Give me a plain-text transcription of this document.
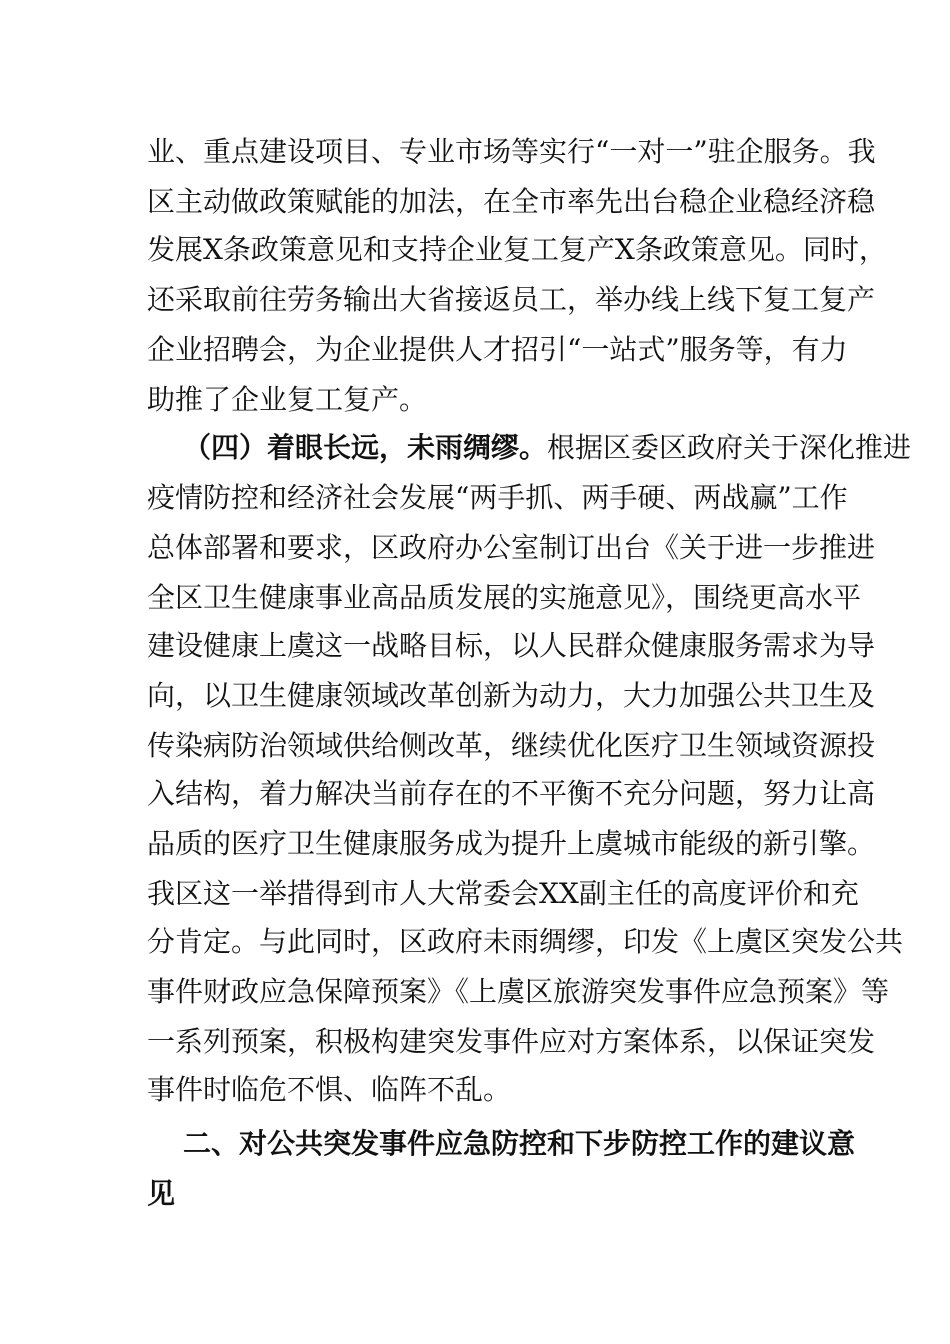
业、重点建设项目、专业市场等实行“一对一”驻企服务。我
区主动做政策赋能的加法，在全市率先出台稳企业稳经济稳
发展X条政策意见和支持企业复工复产X条政策意见。同时，
还采取前往劳务输出大省接返员工，举办线上线下复工复产
企业招聘会，为企业提供人才招引“一站式”服务等，有力
助推了企业复工复产。
（四）着眼长远，未雨绸缪。根据区委区政府关于深化推进
疫情防控和经济社会发展“两手抓、两手硬、两战赢”工作
总体部署和要求，区政府办公室制订出台《关于进一步推进
全区卫生健康事业高品质发展的实施意见》，围绕更高水平
建设健康上虞这一战略目标，以人民群众健康服务需求为导
向，以卫生健康领域改革创新为动力，大力加强公共卫生及
传染病防治领域供给侧改革，继续优化医疗卫生领域资源投
入结构，着力解决当前存在的不平衡不充分问题，努力让高
品质的医疗卫生健康服务成为提升上虞城市能级的新引擎。
我区这一举措得到市人大常委会XX副主任的高度评价和充
分肯定。与此同时，区政府未雨绸缪，印发《上虞区突发公共
事件财政应急保障预案》《上虞区旅游突发事件应急预案》等
一系列预案，积极构建突发事件应对方案体系，以保证突发
事件时临危不惧、临阵不乱。
二、对公共突发事件应急防控和下步防控工作的建议意
见
